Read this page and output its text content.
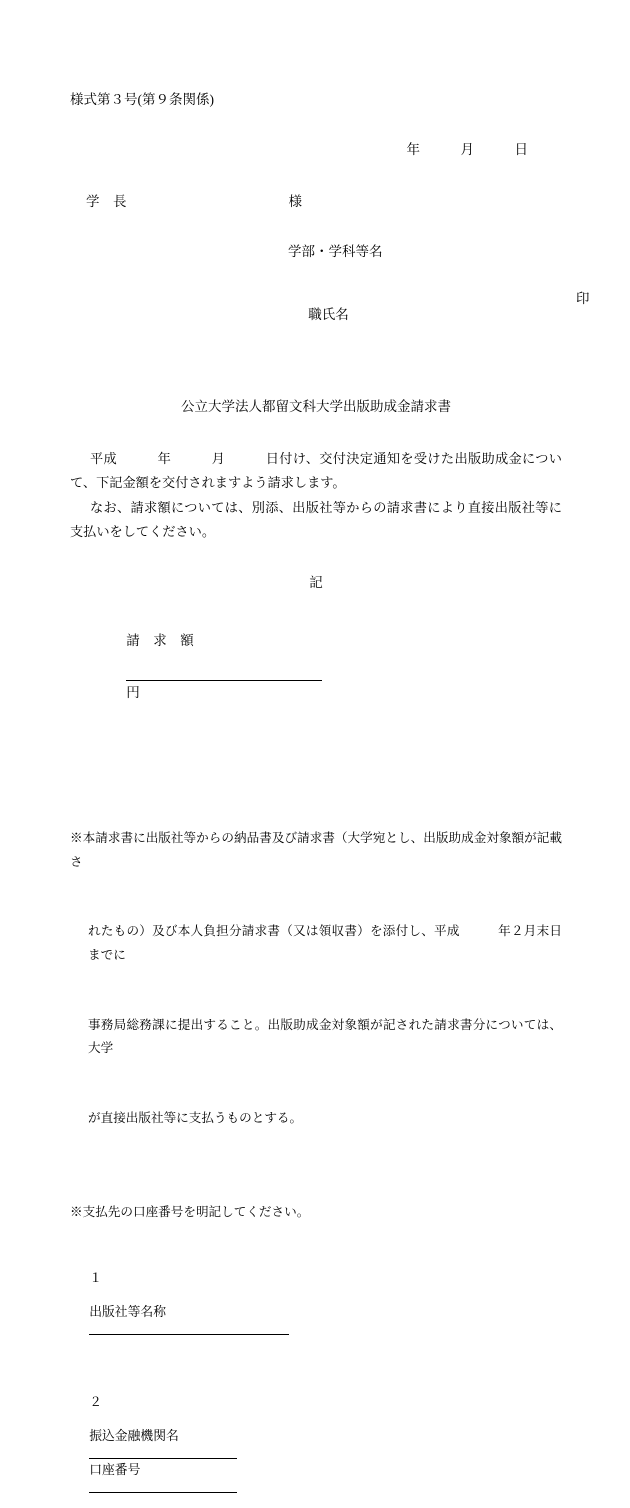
様式第３号(第９条関係)
年　　　月　　　日
学　長　　　　　　　　　　　　様
学部・学科等名

職氏名

印

公立大学法人都留文科大学出版助成金請求書
平成　　　年　　　月　　　日付け、交付決定通知を受けた出版助成金について、下記金額を交付されますよう請求します。
なお、請求額については、別添、出版社等からの請求書により直接出版社等に支払いをしてください。
記

請　求　額

円

※本請求書に出版社等からの納品書及び請求書（大学宛とし、出版助成金対象額が記載さ

れたもの）及び本人負担分請求書（又は領収書）を添付し、平成　　　年２月末日までに

事務局総務課に提出すること。出版助成金対象額が記された請求書分については、大学

が直接出版社等に支払うものとする。

※支払先の口座番号を明記してください。

１

出版社等名称

２

振込金融機関名

口座番号
